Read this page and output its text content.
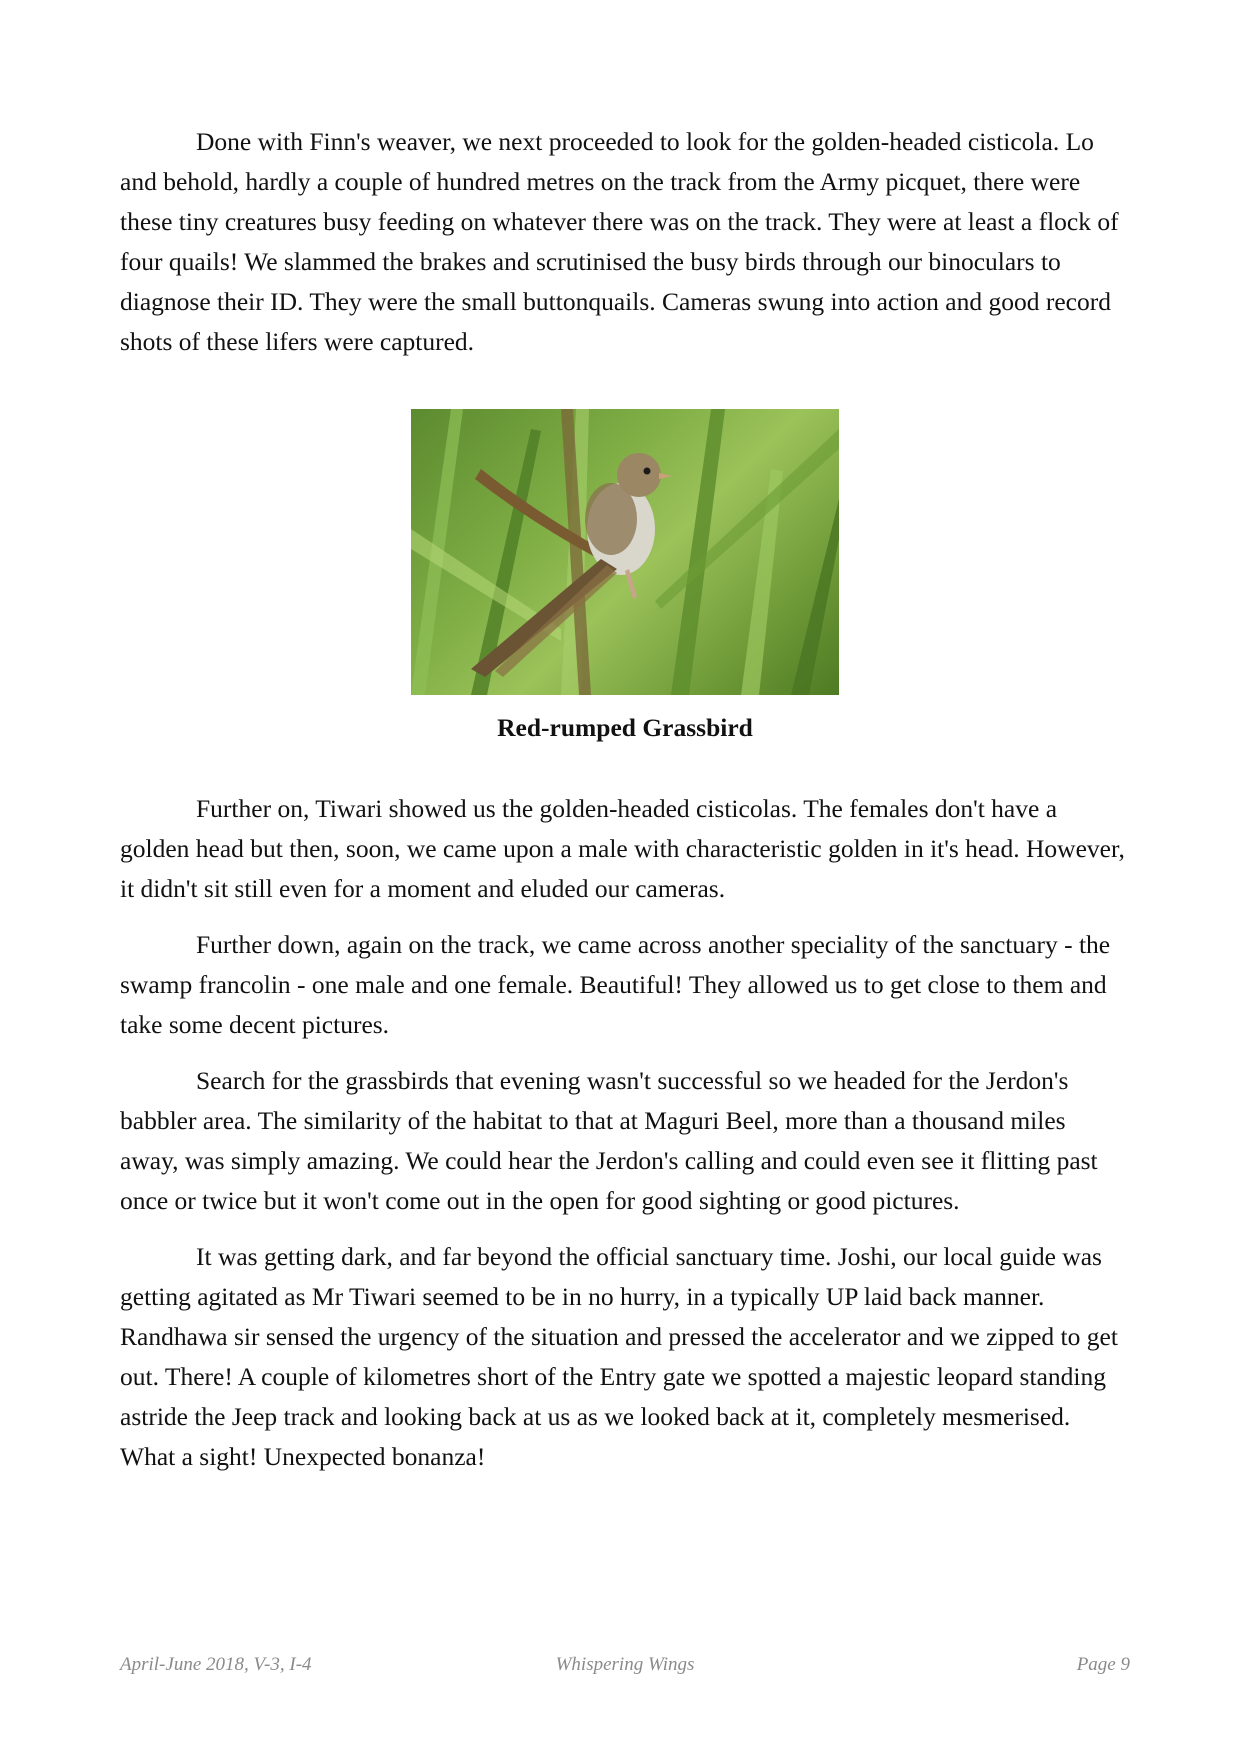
Done with Finn's weaver, we next proceeded to look for the golden-headed cisticola. Lo and behold, hardly a couple of hundred metres on the track from the Army picquet, there were these tiny creatures busy feeding on whatever there was on the track. They were at least a flock of four quails! We slammed the brakes and scrutinised the busy birds through our binoculars to diagnose their ID. They were the small buttonquails. Cameras swung into action and good record shots of these lifers were captured.

Red-rumped Grassbird

Further on, Tiwari showed us the golden-headed cisticolas. The females don't have a golden head but then, soon, we came upon a male with characteristic golden in it's head. However, it didn't sit still even for a moment and eluded our cameras.

Further down, again on the track, we came across another speciality of the sanctuary - the swamp francolin - one male and one female. Beautiful! They allowed us to get close to them and take some decent pictures.

Search for the grassbirds that evening wasn't successful so we headed for the Jerdon's babbler area. The similarity of the habitat to that at Maguri Beel, more than a thousand miles away, was simply amazing. We could hear the Jerdon's calling and could even see it flitting past once or twice but it won't come out in the open for good sighting or good pictures.

It was getting dark, and far beyond the official sanctuary time. Joshi, our local guide was getting agitated as Mr Tiwari seemed to be in no hurry, in a typically UP laid back manner. Randhawa sir sensed the urgency of the situation and pressed the accelerator and we zipped to get out. There! A couple of kilometres short of the Entry gate we spotted a majestic leopard standing astride the Jeep track and looking back at us as we looked back at it, completely mesmerised. What a sight! Unexpected bonanza!

April-June 2018, V-3, I-4	Whispering Wings	Page 9
